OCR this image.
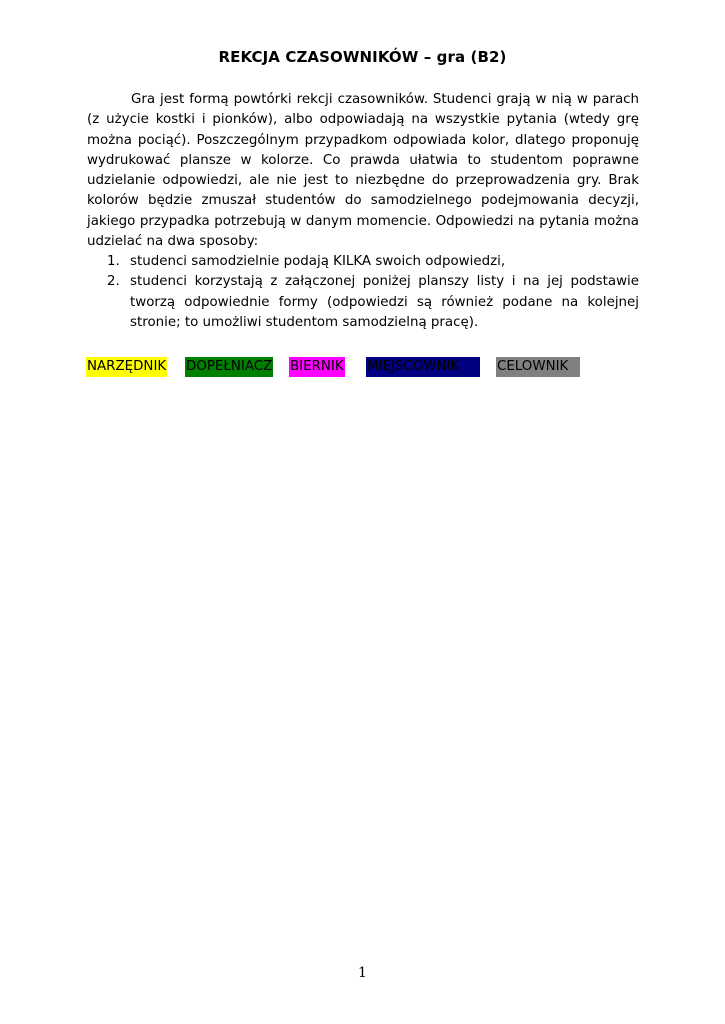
REKCJA CZASOWNIKÓW – gra (B2)

Gra jest formą powtórki rekcji czasowników. Studenci grają w nią w parach (z użycie kostki i pionków), albo odpowiadają na wszystkie pytania (wtedy grę można pociąć). Poszczególnym przypadkom odpowiada kolor, dlatego proponuję wydrukować plansze w kolorze. Co prawda ułatwia to studentom poprawne udzielanie odpowiedzi, ale nie jest to niezbędne do przeprowadzenia gry. Brak kolorów będzie zmuszał studentów do samodzielnego podejmowania decyzji, jakiego przypadka potrzebują w danym momencie. Odpowiedzi na pytania można udzielać na dwa sposoby:

1. studenci samodzielnie podają KILKA swoich odpowiedzi,
2. studenci korzystają z załączonej poniżej planszy listy i na jej podstawie tworzą odpowiednie formy (odpowiedzi są również podane na kolejnej stronie; to umożliwi studentom samodzielną pracę).
NARZĘDNIK DOPEŁNIACZ BIERNIK MIEJSCOWNIK	CELOWNIK
1
